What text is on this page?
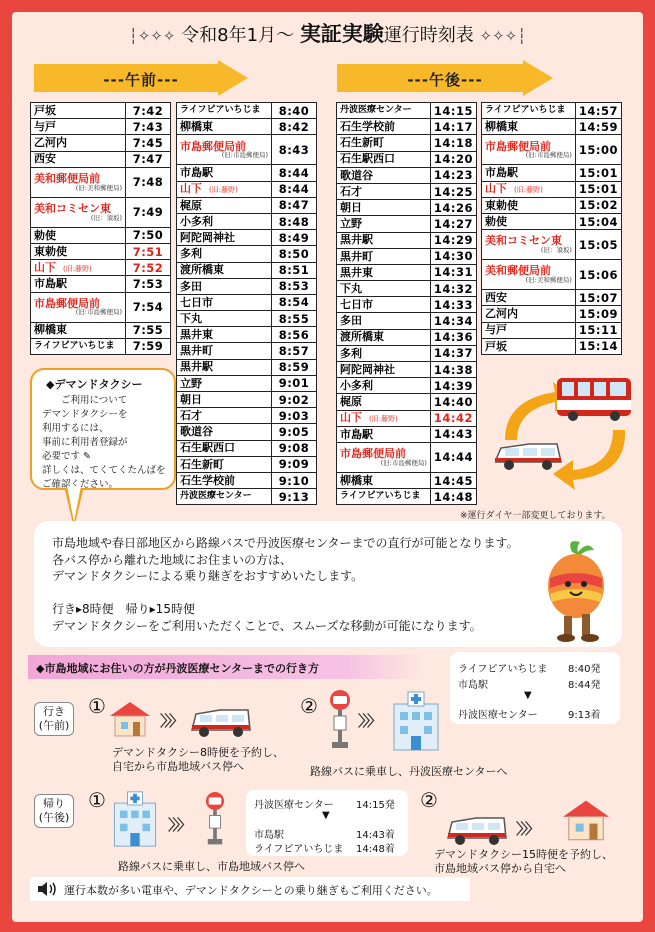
┆✧✧✧ 令和8年1月～ 実証実験運行時刻表 ✧✧✧┆
---午前---	---午後---
戸坂	7:42
与戸	7:43
乙河内	7:45
西安	7:47
美和郵便局前
(旧:美和郵便局)	7:48
美和コミセン東
(旧：須坂)	7:49
勅使	7:50
東勅使	7:51
山下　(旧:藤野)	7:52
市島駅	7:53
市島郵便局前
(旧:市島郵便局)	7:54
柳橋東	7:55
ライフピアいちじま	7:59
ライフピアいちじま	8:40
柳橋東	8:42
市島郵便局前
(旧:市島郵便局)	8:43
市島駅	8:44
山下　(旧:藤野)	8:44
梶原	8:47
小多利	8:48
阿陀岡神社	8:49
多利	8:50
渡所橋東	8:51
多田	8:53
七日市	8:54
下丸	8:55
黒井東	8:56
黒井町	8:57
黒井駅	8:59
立野	9:01
朝日	9:02
石才	9:03
歌道谷	9:05
石生駅西口	9:08
石生新町	9:09
石生学校前	9:10
丹波医療センター	9:13
丹波医療センター	14:15
石生学校前	14:17
石生新町	14:18
石生駅西口	14:20
歌道谷	14:23
石才	14:25
朝日	14:26
立野	14:27
黒井駅	14:29
黒井町	14:30
黒井東	14:31
下丸	14:32
七日市	14:33
多田	14:34
渡所橋東	14:36
多利	14:37
阿陀岡神社	14:38
小多利	14:39
梶原	14:40
山下　(旧:藤野)	14:42
市島駅	14:43
市島郵便局前
(旧:市島郵便局)	14:44
柳橋東	14:45
ライフピアいちじま	14:48
ライフピアいちじま	14:57
柳橋東	14:59
市島郵便局前
(旧:市島郵便局)	15:00
市島駅	15:01
山下　(旧:藤野)	15:01
東勅使	15:02
勅使	15:04
美和コミセン東
(旧：須坂)	15:05
美和郵便局前
(旧:美和郵便局)	15:06
西安	15:07
乙河内	15:09
与戸	15:11
戸坂	15:14
◆デマンドタクシー
　　ご利用について
デマンドタクシーを
利用するには、
事前に利用者登録が
必要です ✎
詳しくは、てくてくたんばを
ご確認ください。
※運行ダイヤ一部変更しております。
市島地域や春日部地区から路線バスで丹波医療センターまでの直行が可能となります。
各バス停から離れた地域にお住まいの方は、
デマンドタクシーによる乗り継ぎをおすすめいたします。

行き▸8時便　帰り▸15時便
デマンドタクシーをご利用いただくことで、スムーズな移動が可能になります。
◆市島地域にお住いの方が丹波医療センターまでの行き方	ライフピアいちじま 8:40発
市島駅	8:44発
▼
丹波医療センター	9:13着
行き
(午前)
①
〉〉〉
デマンドタクシー8時便を予約し、
自宅から市島地域バス停へ
②
〉〉〉
路線バスに乗車し、丹波医療センターへ
帰り
(午後)
①
〉〉〉
路線バスに乗車し、市島地域バス停へ
丹波医療センター 14:15発
▼
市島駅	14:43着
ライフピアいちじま 14:48着
②
〉〉〉
デマンドタクシー15時便を予約し、
市島地域バス停から自宅へ
運行本数が多い電車や、デマンドタクシーとの乗り継ぎもご利用ください。
